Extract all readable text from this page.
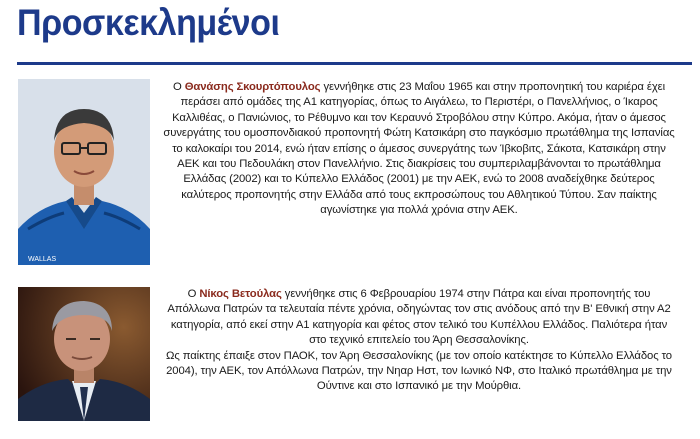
Προσκεκλημένοι
WALLAS

Ο Θανάσης Σκουρτόπουλος γεννήθηκε στις 23 Μαΐου 1965 και στην προπονητική του καριέρα έχει περάσει από ομάδες της Α1 κατηγορίας, όπως το Αιγάλεω, το Περιστέρι, ο Πανελλήνιος, ο Ίκαρος Καλλιθέας, ο Πανιώνιος, το Ρέθυμνο και τον Κεραυνό Στροβόλου στην Κύπρο. Ακόμα, ήταν ο άμεσος συνεργάτης του ομοσπονδιακού προπονητή Φώτη Κατσικάρη στο παγκόσμιο πρωτάθλημα της Ισπανίας το καλοκαίρι του 2014, ενώ ήταν επίσης ο άμεσος συνεργάτης των Ίβκοβιτς, Σάκοτα, Κατσικάρη στην ΑΕΚ και του Πεδουλάκη στον Πανελλήνιο. Στις διακρίσεις του συμπεριλαμβάνονται το πρωτάθλημα Ελλάδας (2002) και το Κύπελλο Ελλάδος (2001) με την ΑΕΚ, ενώ το 2008 αναδείχθηκε δεύτερος καλύτερος προπονητής στην Ελλάδα από τους εκπροσώπους του Αθλητικού Τύπου. Σαν παίκτης αγωνίστηκε για πολλά χρόνια στην ΑΕΚ.

Ο Νίκος Βετούλας γεννήθηκε στις 6 Φεβρουαρίου 1974 στην Πάτρα και είναι προπονητής του Απόλλωνα Πατρών τα τελευταία πέντε χρόνια, οδηγώντας τον στις ανόδους από την Β' Εθνική στην Α2 κατηγορία, από εκεί στην Α1 κατηγορία και φέτος στον τελικό του Κυπέλλου Ελλάδος. Παλιότερα ήταν στο τεχνικό επιτελείο του Άρη Θεσσαλονίκης.

Ως παίκτης έπαιξε στον ΠΑΟΚ, τον Άρη Θεσσαλονίκης (με τον οποίο κατέκτησε το Κύπελλο Ελλάδος το 2004), την ΑΕΚ, τον Απόλλωνα Πατρών, την Νηαρ Ηστ, τον Ιωνικό ΝΦ, στο Ιταλικό πρωτάθλημα με την Ούντινε και στο Ισπανικό με την Μούρθια.
